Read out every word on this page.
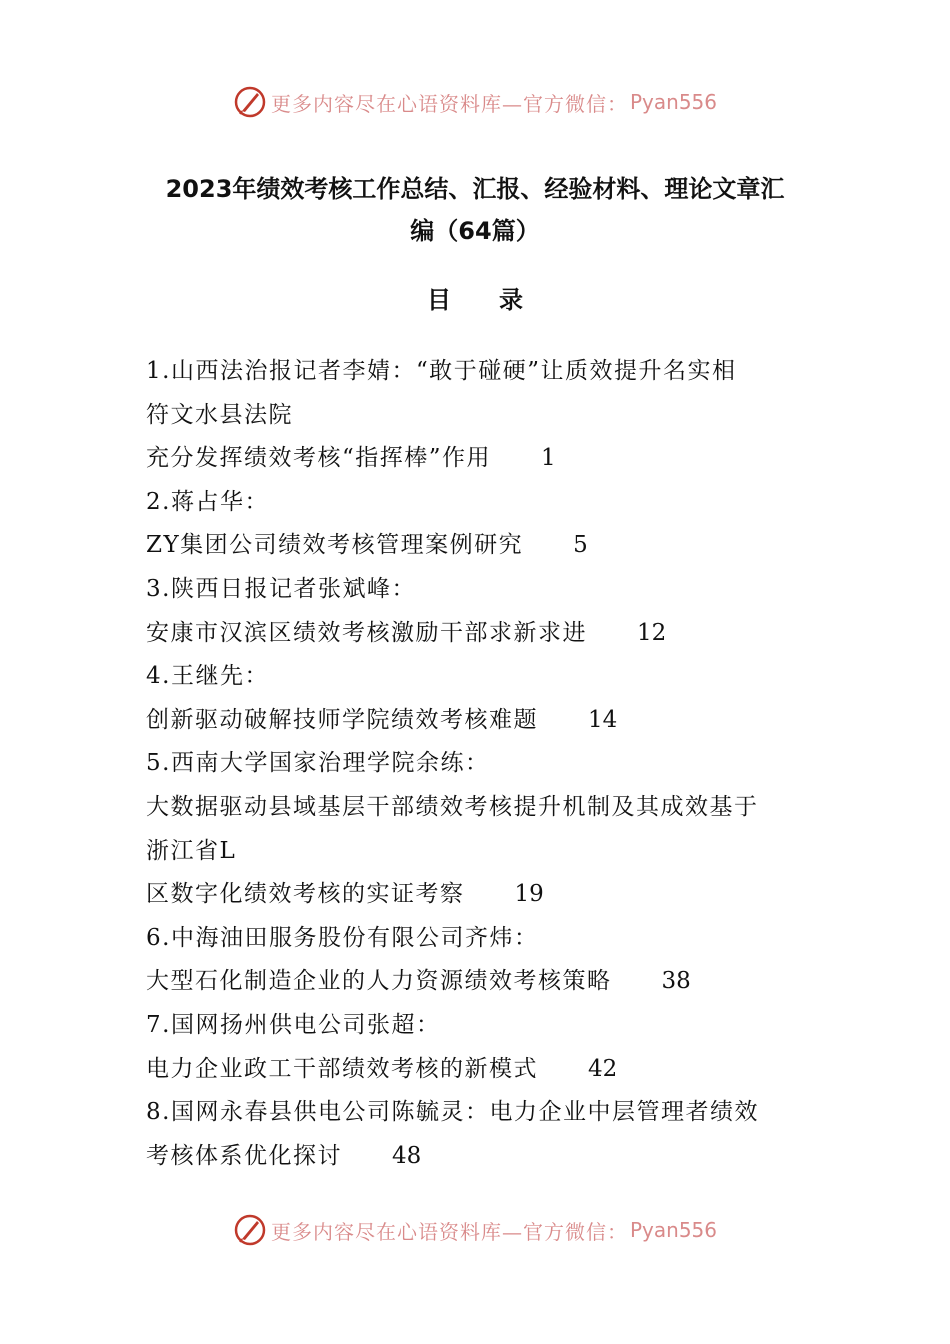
更多内容尽在心语资料库—官方微信： Pyan556
2023年绩效考核工作总结、汇报、经验材料、理论文章汇
编（64篇）
目　　录
1.山西法治报记者李婧：“敢于碰硬”让质效提升名实相
符文水县法院
充分发挥绩效考核“指挥棒”作用 1
2.蒋占华：
ZY集团公司绩效考核管理案例研究 5
3.陕西日报记者张斌峰：
安康市汉滨区绩效考核激励干部求新求进 12
4.王继先：
创新驱动破解技师学院绩效考核难题 14
5.西南大学国家治理学院余练：
大数据驱动县域基层干部绩效考核提升机制及其成效基于
浙江省L
区数字化绩效考核的实证考察 19
6.中海油田服务股份有限公司齐炜：
大型石化制造企业的人力资源绩效考核策略 38
7.国网扬州供电公司张超：
电力企业政工干部绩效考核的新模式 42
8.国网永春县供电公司陈毓灵：电力企业中层管理者绩效
考核体系优化探讨 48
更多内容尽在心语资料库—官方微信： Pyan556
